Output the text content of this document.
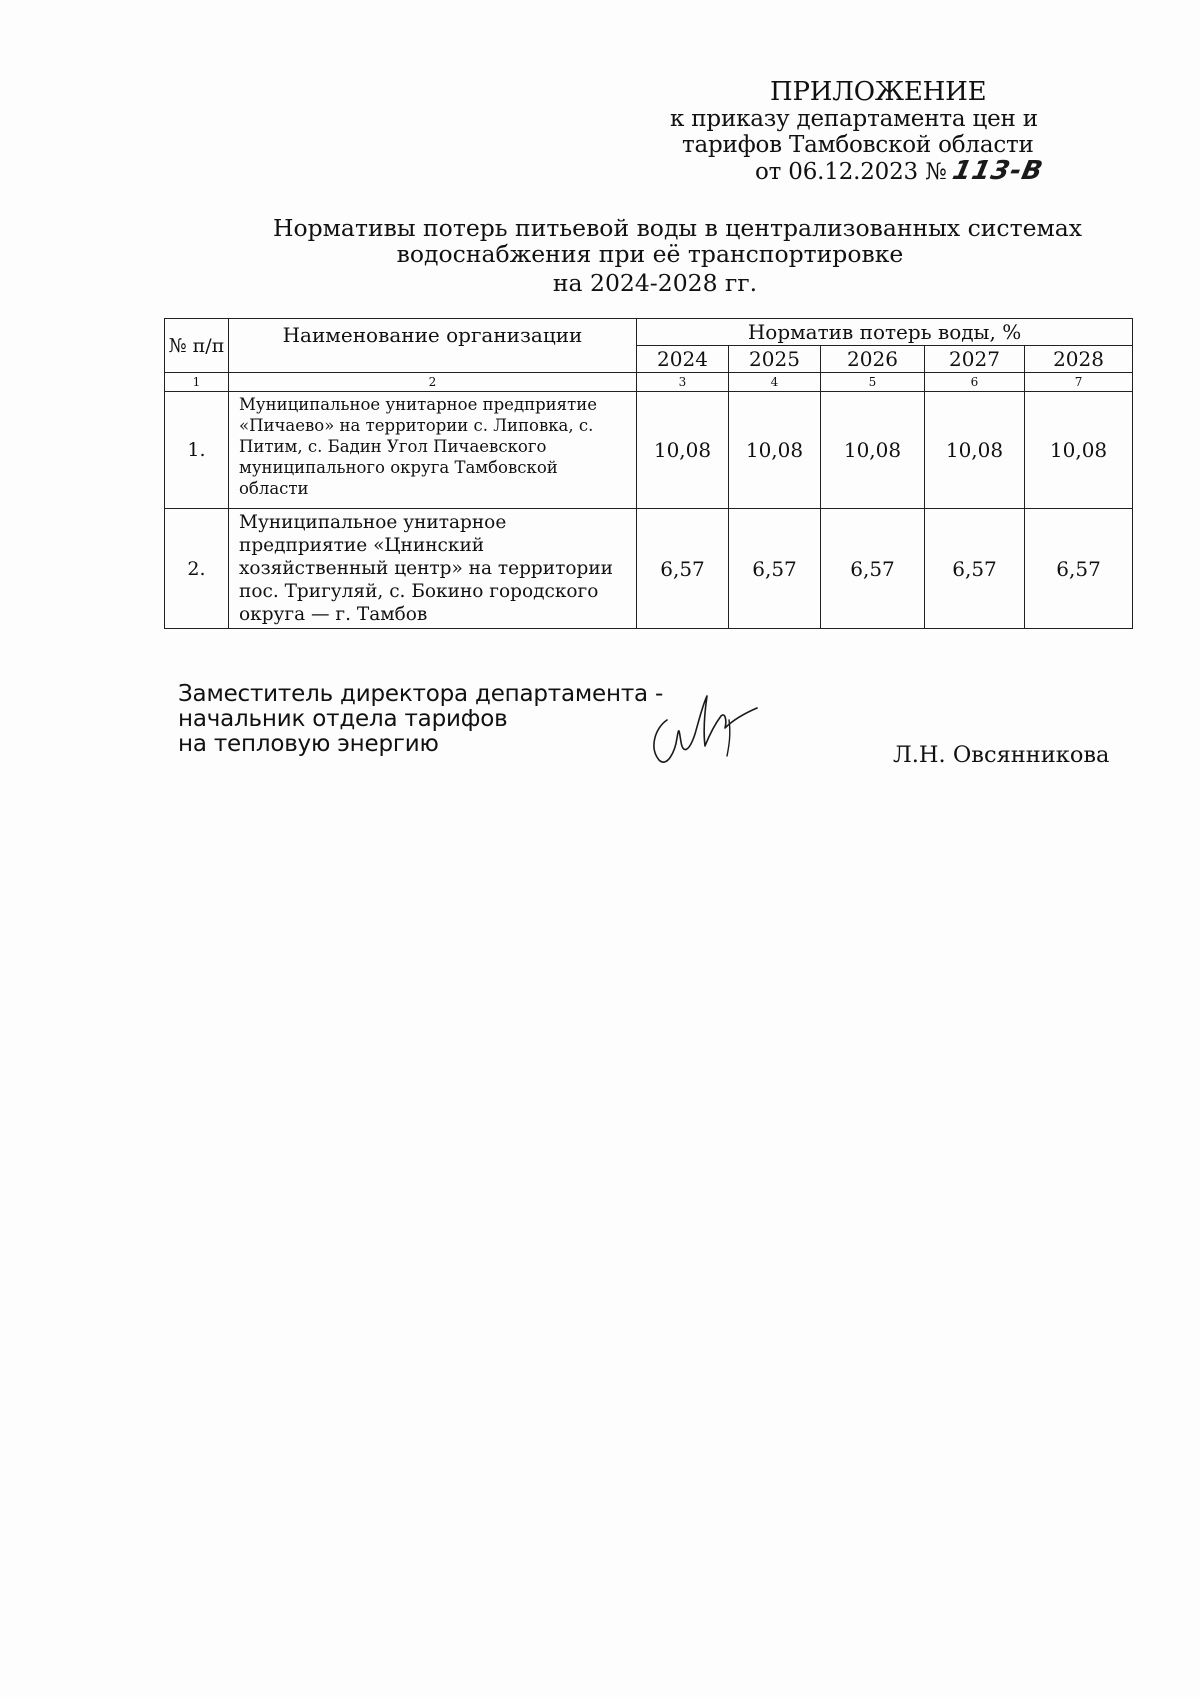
ПРИЛОЖЕНИЕ
к приказу департамента цен и
тарифов Тамбовской области
от 06.12.2023 № 113-В
Нормативы потерь питьевой воды в централизованных системах
водоснабжения при её транспортировке
на 2024-2028 гг.
№ п/п	Наименование организации	Норматив потерь воды, %				
		2024	2025	2026	2027	2028
1	2	3	4	5	6	7
1.	Муниципальное унитарное предприятие «Пичаево» на территории с. Липовка, с. Питим, с. Бадин Угол Пичаевского муниципального округа Тамбовской области	10,08	10,08	10,08	10,08	10,08
2.	Муниципальное унитарное предприятие «Цнинский хозяйственный центр» на территории пос. Тригуляй, с. Бокино городского округа — г. Тамбов	6,57	6,57	6,57	6,57	6,57
Заместитель директора департамента -
начальник отдела тарифов
на тепловую энергию	Л.Н. Овсянникова
